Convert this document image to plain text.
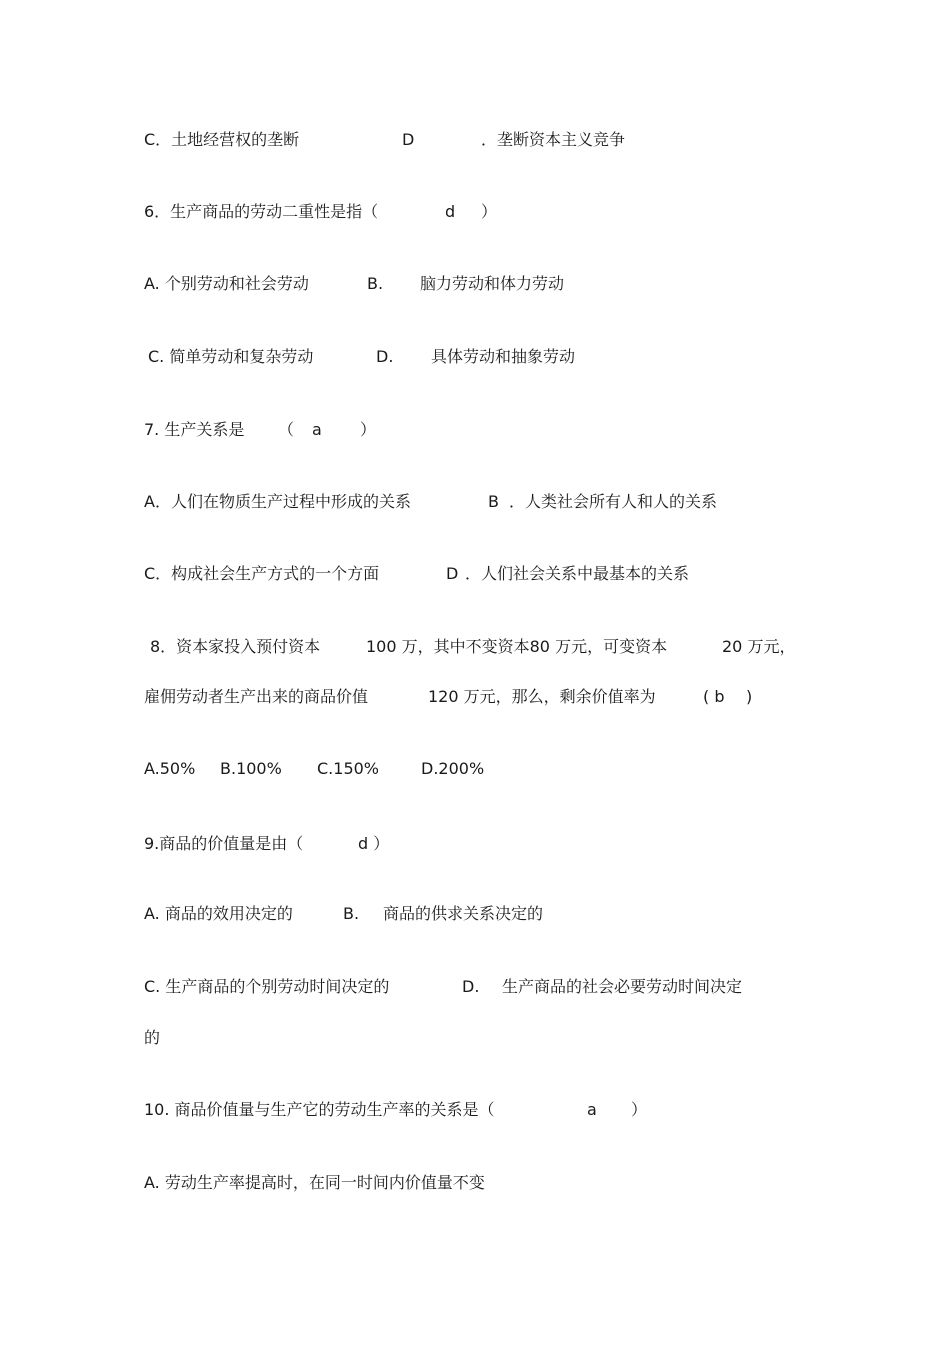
C．土地经营权的垄断	D	．垄断资本主义竞争
6．生产商品的劳动二重性是指（	d ）
A. 个别劳动和社会劳动	B. 脑力劳动和体力劳动
C. 简单劳动和复杂劳动	D. 具体劳动和抽象劳动
7. 生产关系是 （ a ）
A．人们在物质生产过程中形成的关系	B ．人类社会所有人和人的关系
C．构成社会生产方式的一个方面	D ．人们社会关系中最基本的关系
8．资本家投入预付资本	100 万，其中不变资本80 万元，可变资本	20 万元，
雇佣劳动者生产出来的商品价值	120 万元，那么，剩余价值率为	( b )
A.50% B.100% C.150%	D.200%
9.商品的价值量是由（	d ）
A. 商品的效用决定的	B. 商品的供求关系决定的
C. 生产商品的个别劳动时间决定的	D. 生产商品的社会必要劳动时间决定
的
10. 商品价值量与生产它的劳动生产率的关系是（	a ）
A. 劳动生产率提高时，在同一时间内价值量不变
